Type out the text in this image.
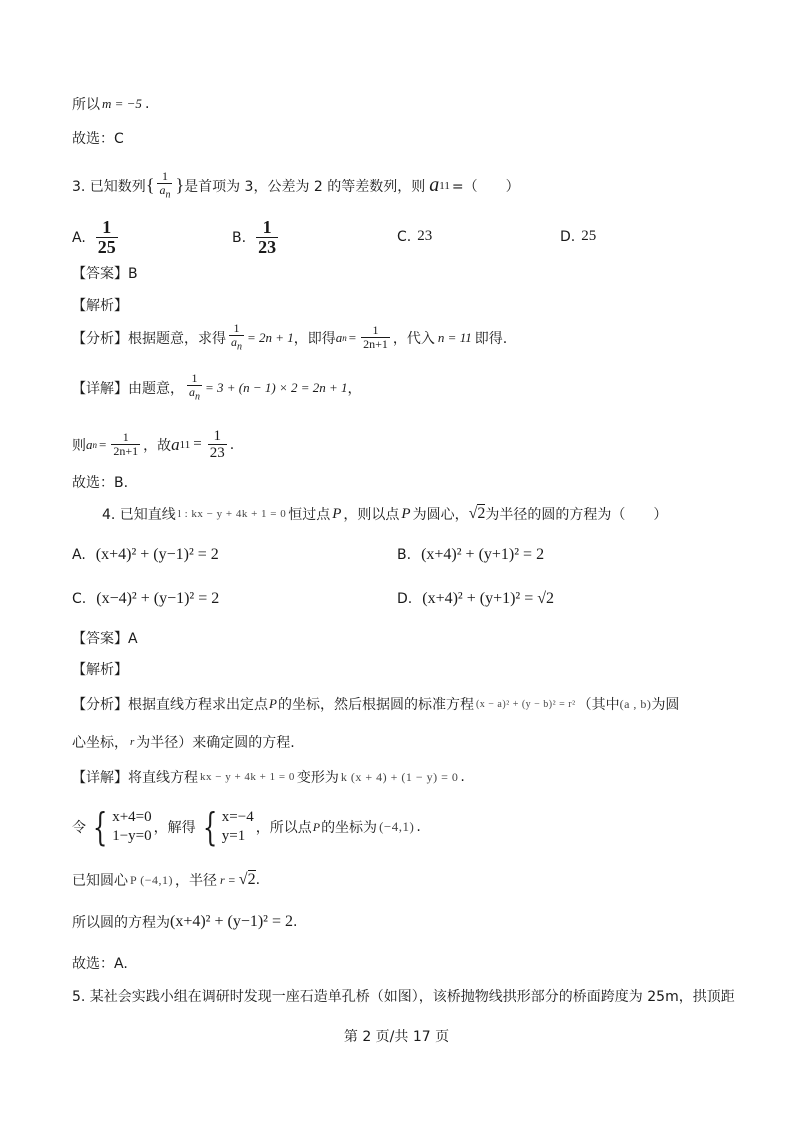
所以 m = −5 .
故选：C
3. 已知数列 { $\frac{1}{a_n}$ } 是首项为 3，公差为 2 的等差数列，则 a 11 =（　　）
A. $\frac{1}{25}$	B. $\frac{1}{23}$	C. 23	D. 25
【答案】B
【解析】
【分析】 根据题意，求得 $\frac{1}{a_n} = 2n + 1$ ，即得 a $n = \frac{1}{2n+1}$ ，代入 n = 11 即得.
【详解】 由题意， $\frac{1}{a_n} = 3 + (n - 1) \times 2 = 2n + 1$ ，
则 a $n = \frac{1}{2n+1}$ ，故 a $11 = \frac{1}{23}$ .
故选：B.
4. 已知直线 l : kx − y + 4k + 1 = 0 恒过点 P ，则以点 P 为圆心， √2 为半径的圆的方程为（　　）
A. (x+4)² + (y−1)² = 2	B. (x+4)² + (y+1)² = 2
C. (x−4)² + (y−1)² = 2	D. (x+4)² + (y+1)² = √2
【答案】A
【解析】
【分析】 根据直线方程求出定点 P 的坐标，然后根据圆的标准方程 (x − a)² + (y − b)² = r² （其中 (a , b) 为圆
心坐标， r 为半径）来确定圆的方程.
【详解】 将直线方程 kx − y + 4k + 1 = 0 变形为 k (x + 4) + (1 − y) = 0 .
令 { x+4=0
1−y=0 ，解得 { x=−4
y=1 ，所以点 P 的坐标为 (−4,1) .
已知圆心 P (−4,1) ，半径 r = √2 .
所以圆的方程为 (x+4)² + (y−1)² = 2 .
故选：A.
5. 某社会实践小组在调研时发现一座石造单孔桥（如图），该桥抛物线拱形部分的桥面跨度为 25m，拱顶距
第 2 页/共 17 页
